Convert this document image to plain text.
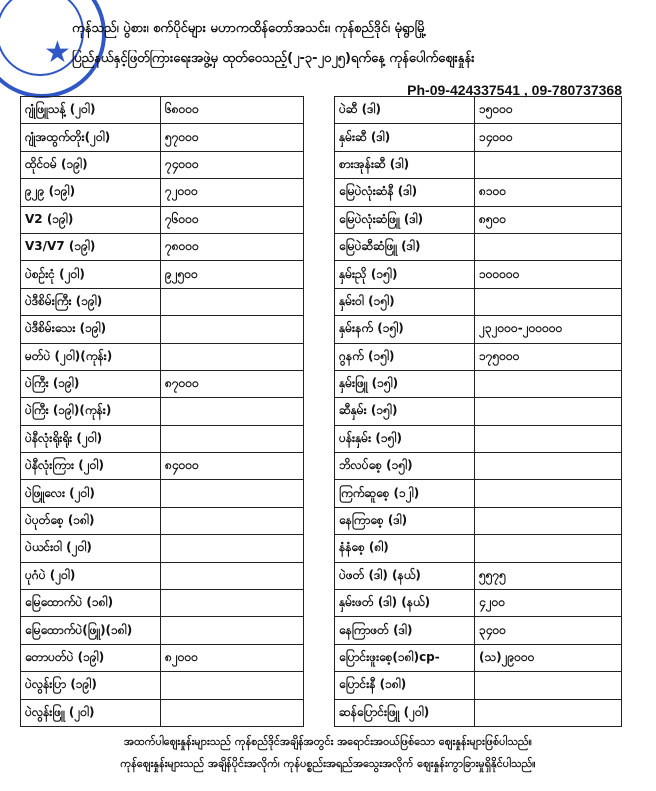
★
ကုန်သည်၊ ပွဲစား၊ စက်ပိုင်များ မဟာကထိန်တော်အသင်း၊ ကုန်စည်ဒိုင်၊ မုံရွာမြို့
ပြည်နယ်နှင့်ဖြတ်ကြားရေးအဖွဲ့မှ ထုတ်ဝေသည့်(၂-၃-၂၀၂၅)ရက်နေ့ ကုန်ပေါက်ဈေးနှုန်း
Ph-09-424337541 , 09-780737368
ဂျုံဖြူသန့် (၂၀ါ)	၆၈၀၀၀
ဂျုံအထွက်တိုး(၂၀ါ)	၅၇၀၀၀
ထိုင်ဝမ် (၁၉ါ)	၇၄၀၀၀
၉၂၉ (၁၉ါ)	၇၂၀၀၀
V2 (၁၉ါ)	၇၆၀၀၀
V3/V7 (၁၉ါ)	၇၈၀၀၀
ပဲစဉ်းငုံ (၂၀ါ)	၉၂၅၀၀
ပဲဒီစိမ်းကြီး (၁၉ါ)	
ပဲဒီစိမ်းသေး (၁၉ါ)	
မတ်ပဲ (၂၀ါ)(ကုန်း)	
ပဲကြီး (၁၉ါ)	၈၇၀၀၀
ပဲကြီး (၁၉ါ)(ကုန်း)	
ပဲနီလုံးရိုးရိုး (၂၀ါ)	
ပဲနီလုံးကြား (၂၀ါ)	၈၄၀၀၀
ပဲဖြူလေး (၂၀ါ)	
ပဲပုတ်စေ့ (၁၈ါ)	
ပဲယင်းဝါ (၂၀ါ)	
ပုဂံပဲ (၂၀ါ)	
မြေထောက်ပဲ (၁၈ါ)	
မြေထောက်ပဲ(ဖြူ)(၁၈ါ)	
တောပတ်ပဲ (၁၉ါ)	၈၂၀၀၀
ပဲလွန်းပြာ (၁၉ါ)	
ပဲလွန်းဖြူ (၂၀ါ)	
ပဲဆီ (ဒါ)	၁၅၀၀၀
နှမ်းဆီ (ဒါ)	၁၄၀၀၀
စားအုန်းဆီ (ဒါ)	
မြေပဲလုံးဆံနီ (ဒါ)	၈၁၀၀
မြေပဲလုံးဆံဖြူ (ဒါ)	၈၅၀၀
မြေပဲဆီဆံဖြူ (ဒါ)	
နှမ်းညို (၁၅ါ)	၁၀၀၀၀၀
နှမ်းဝါ (၁၅ါ)	
နှမ်းနက် (၁၅ါ)	၂၃၂၀၀၀-၂၀၀၀၀၀
ဂွနက် (၁၅ါ)	၁၇၅၀၀၀
နှမ်းဖြူ (၁၅ါ)	
ဆီနှမ်း (၁၅ါ)	
ပန်းနှမ်း (၁၅ါ)	
ဘိလပ်စေ့ (၁၅ါ)	
ကြက်ဆူစေ့ (၁၂ါ)	
နေကြာစေ့ (ဒါ)	
နံနံစေ့ (၈ါ)	
ပဲဖတ် (ဒါ) (နယ်)	၅၅၇၅
နှမ်းဖတ် (ဒါ) (နယ်)	၄၂၀၀
နေကြာဖတ် (ဒါ)	၃၄၀၀
ပြောင်းဖူးစေ့(၁၈ါ)cp-	(သ)၂၉၀၀၀
ပြောင်းနီ (၁၈ါ)	
ဆန်ပြောင်းဖြူ (၂၀ါ)	
အထက်ပါဈေးနှုန်းများသည် ကုန်စည်ဒိုင်အချိန်အတွင်း အရောင်းအဝယ်ဖြစ်သော ဈေးနှုန်းများဖြစ်ပါသည်။
ကုန်ဈေးနှုန်းများသည် အချိန်ပိုင်းအလိုက်၊ ကုန်ပစ္စည်းအရည်အသွေးအလိုက် ဈေးနှုန်းကွာခြားမှုရှိနိုင်ပါသည်။
